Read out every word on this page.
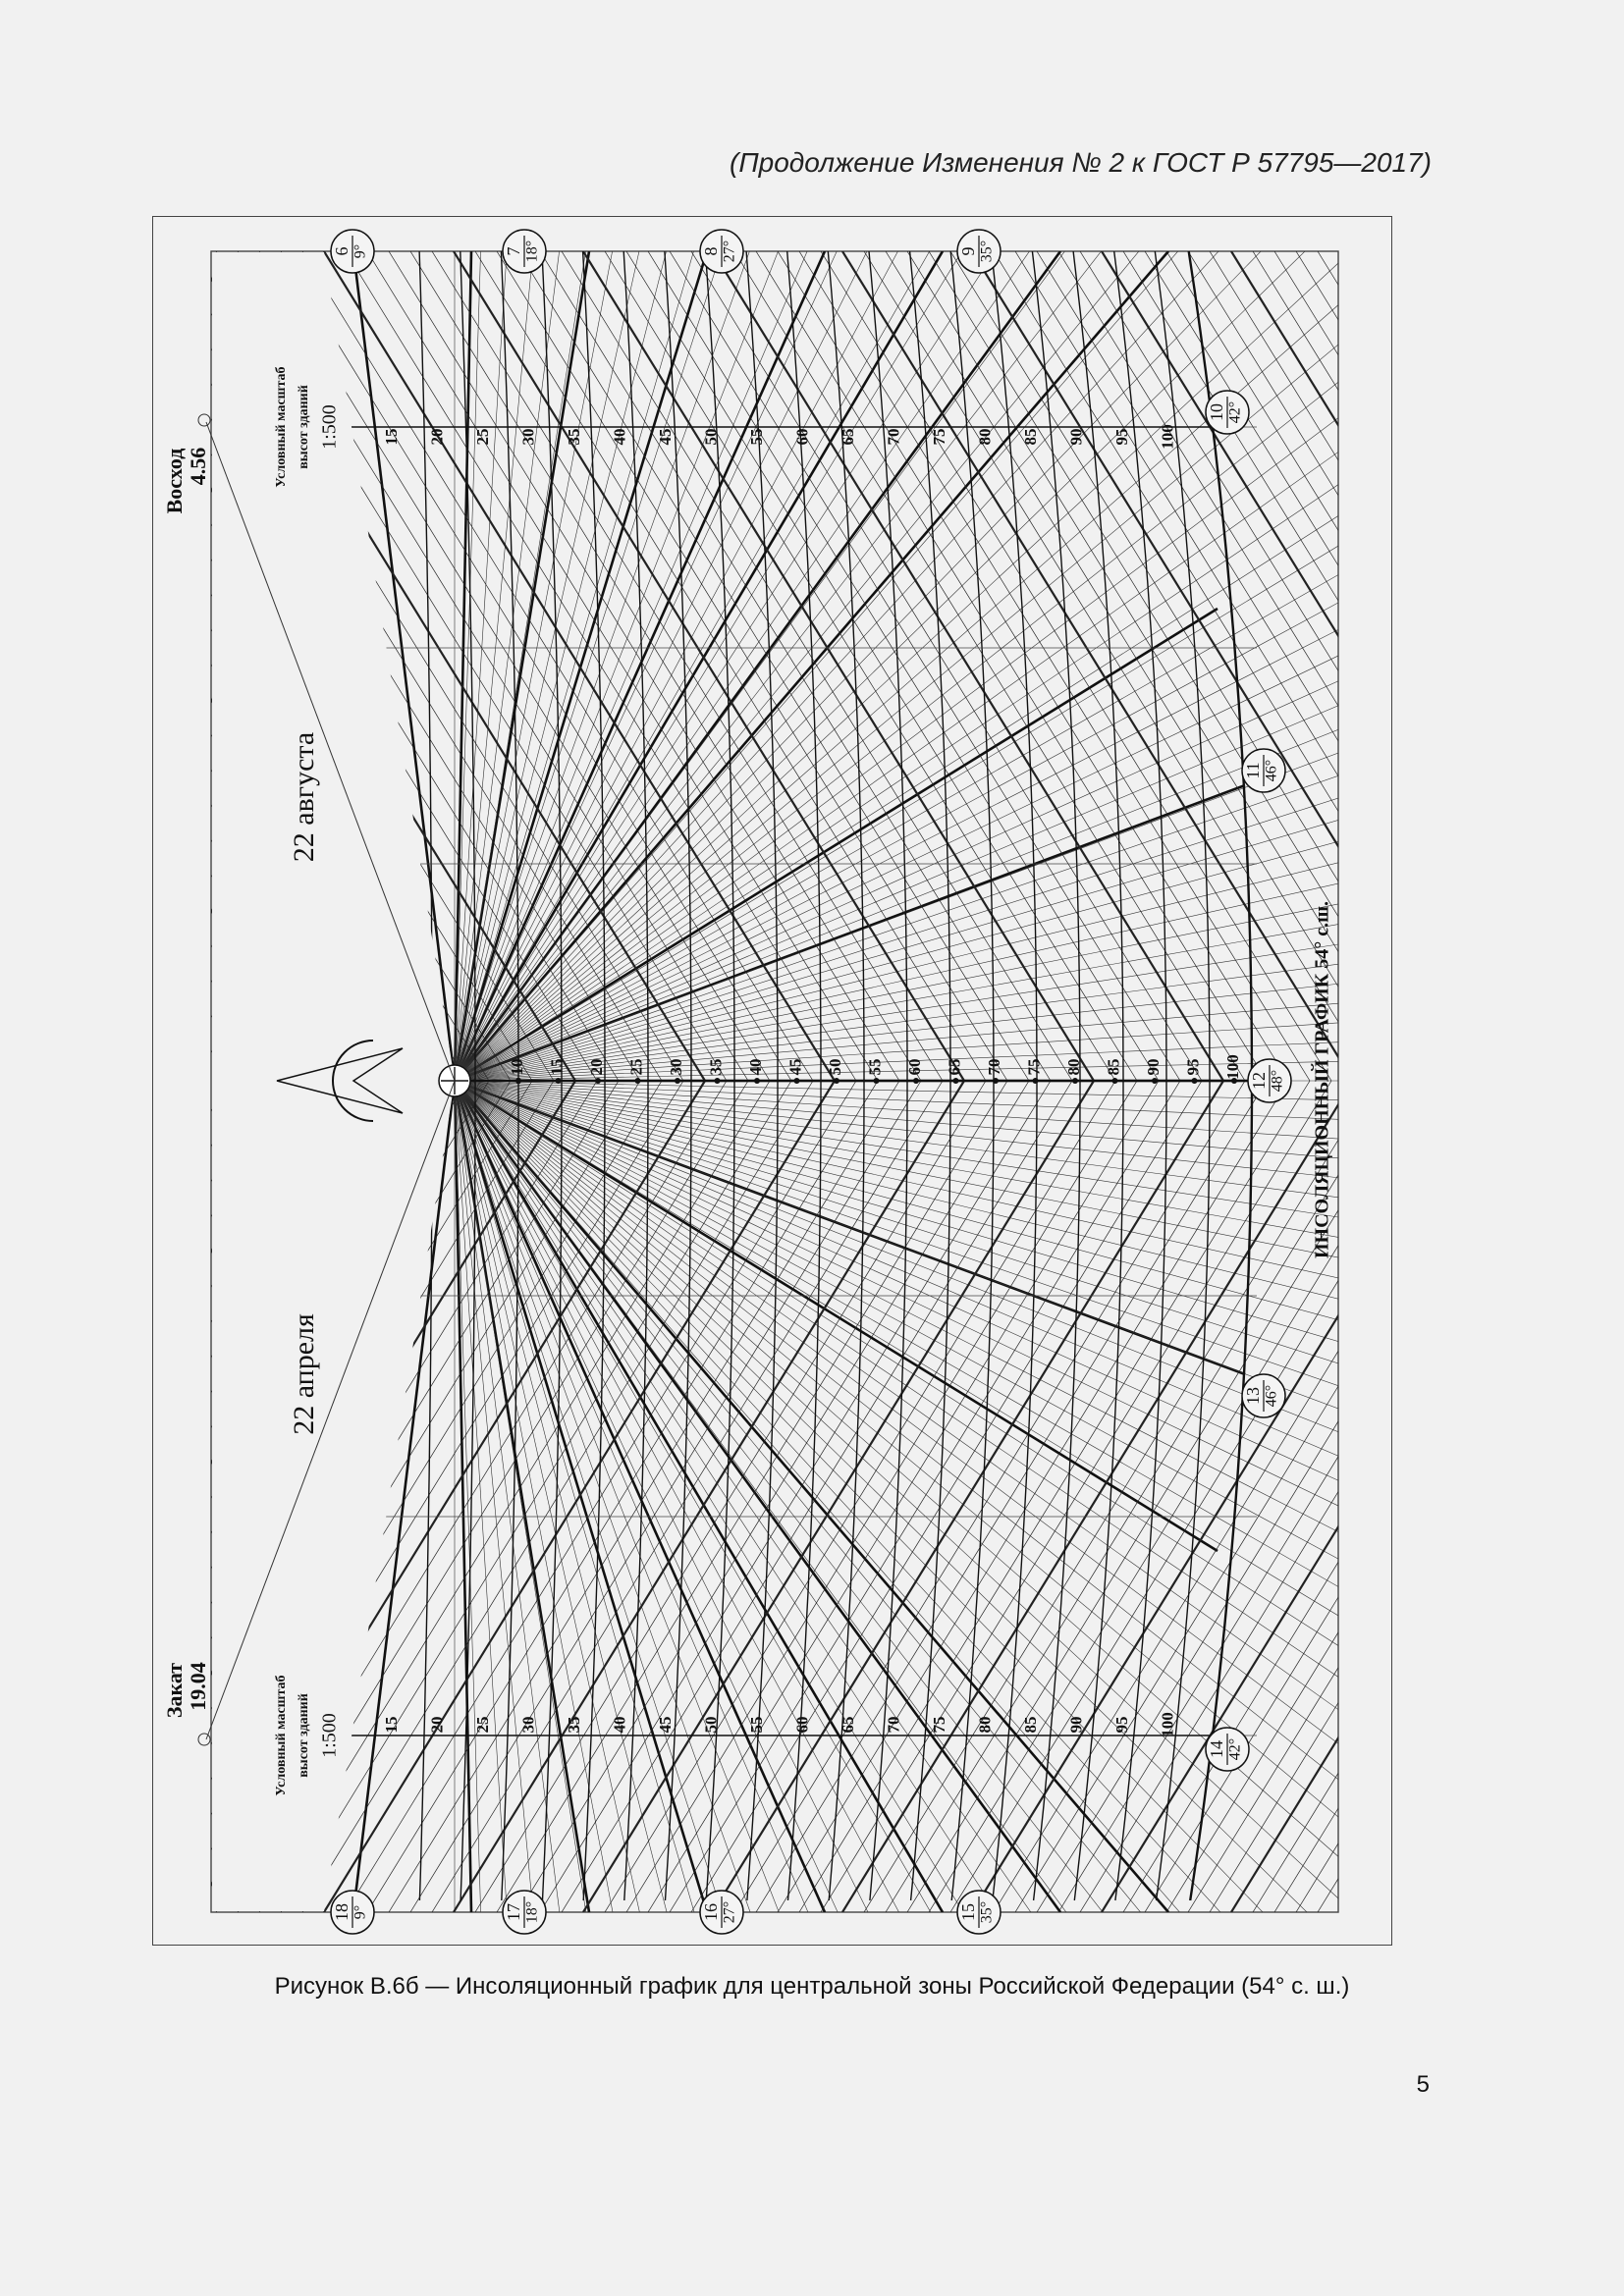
(Продолжение Изменения № 2 к ГОСТ Р 57795—2017)
22 августа
22 апреля
ИНСОЛЯЦИОННЫЙ ГРАФИК 54° с.ш.
Восход 4.56
Закат 19.04
Условный масштаб высот зданий 1:500
Условный масштаб высот зданий 1:500
15
15
20
20
25
25
30
30
35
35
40
40
45
45
50
50
55
55
60
60
65
65
70
70
75
75
80
80
85
85
90
90
95
95
100
100
10 15 20 25 30 35 40 45 50 55 60 65 70 75 80 85 90 95 100
6 9°	7 18°	8 27°	9 35°
10 42°
11 46°
12 48°
13 46°
14 42°
15 35°
16 27°
17 18°
18 9°
Рисунок В.6б — Инсоляционный график для центральной зоны Российской Федерации (54° с. ш.)
5
